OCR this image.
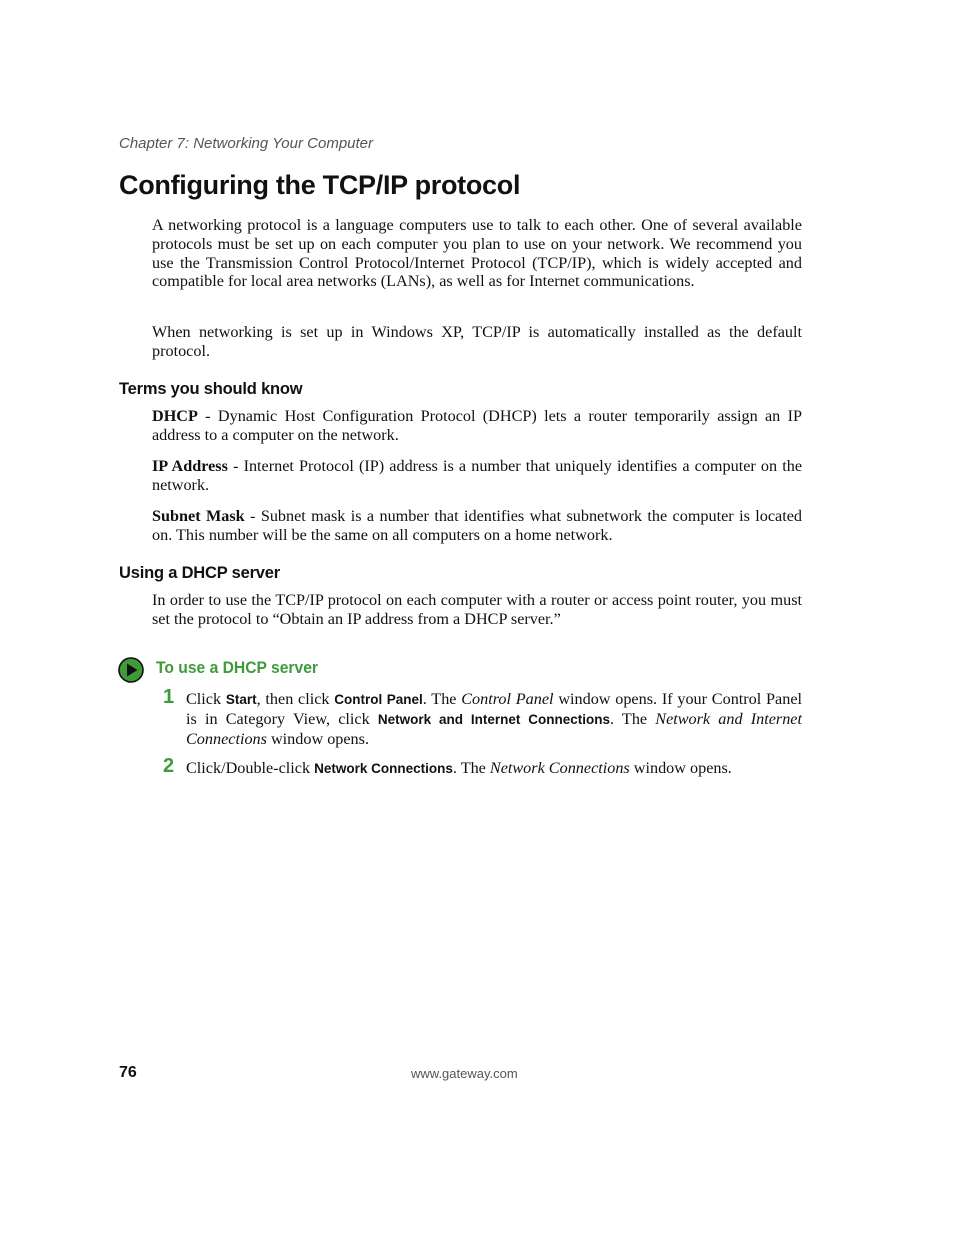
Chapter 7: Networking Your Computer
Configuring the TCP/IP protocol

A networking protocol is a language computers use to talk to each other. One of several available protocols must be set up on each computer you plan to use on your network. We recommend you use the Transmission Control Protocol/Internet Protocol (TCP/IP), which is widely accepted and compatible for local area networks (LANs), as well as for Internet communications.

When networking is set up in Windows XP, TCP/IP is automatically installed as the default protocol.

Terms you should know

DHCP - Dynamic Host Configuration Protocol (DHCP) lets a router temporarily assign an IP address to a computer on the network.

IP Address - Internet Protocol (IP) address is a number that uniquely identifies a computer on the network.

Subnet Mask - Subnet mask is a number that identifies what subnetwork the computer is located on. This number will be the same on all computers on a home network.

Using a DHCP server

In order to use the TCP/IP protocol on each computer with a router or access point router, you must set the protocol to “Obtain an IP address from a DHCP server.”

To use a DHCP server
1 Click Start, then click Control Panel. The Control Panel window opens. If your Control Panel is in Category View, click Network and Internet Connections. The Network and Internet Connections window opens.

2 Click/Double-click Network Connections. The Network Connections window opens.

76	www.gateway.com
